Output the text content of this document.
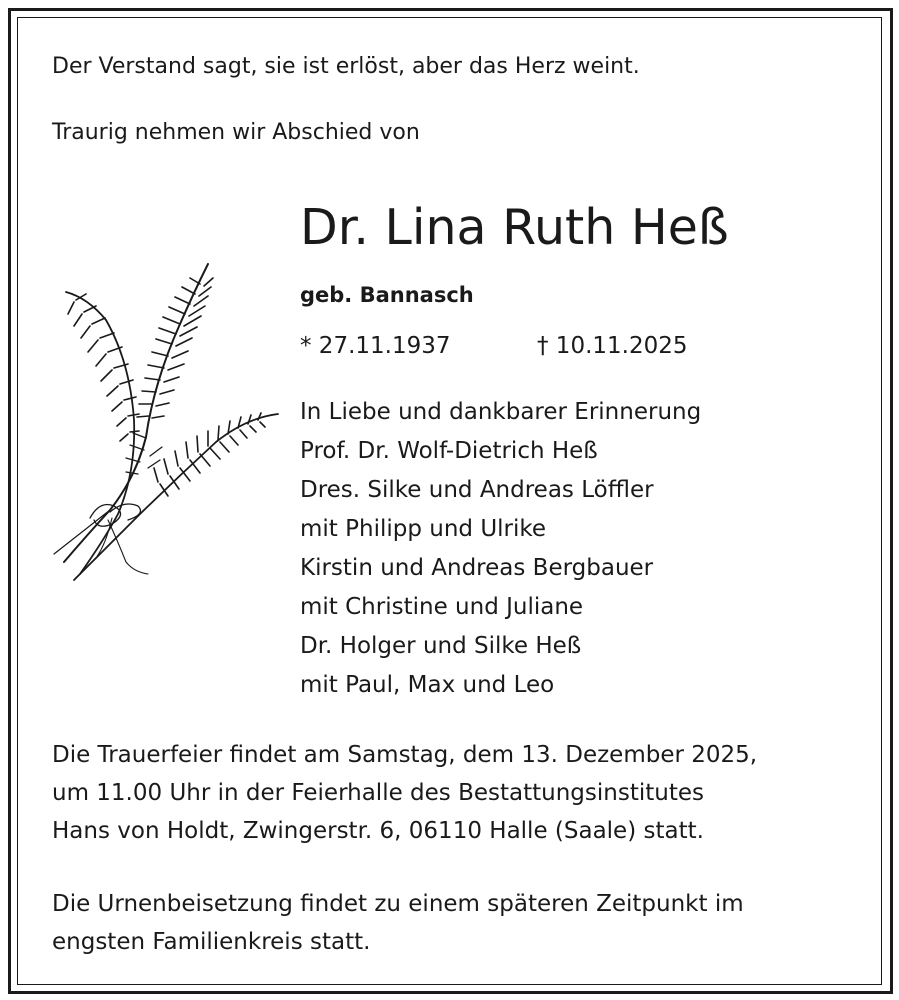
Der Verstand sagt, sie ist erlöst, aber das Herz weint.
Traurig nehmen wir Abschied von
Dr. Lina Ruth Heß
geb. Bannasch
* 27.11.1937	† 10.11.2025
In Liebe und dankbarer Erinnerung
Prof. Dr. Wolf-Dietrich Heß
Dres. Silke und Andreas Löffler
mit Philipp und Ulrike
Kirstin und Andreas Bergbauer
mit Christine und Juliane
Dr. Holger und Silke Heß
mit Paul, Max und Leo
Die Trauerfeier findet am Samstag, dem 13. Dezember 2025,
um 11.00 Uhr in der Feierhalle des Bestattungsinstitutes
Hans von Holdt, Zwingerstr. 6, 06110 Halle (Saale) statt.
Die Urnenbeisetzung findet zu einem späteren Zeitpunkt im
engsten Familienkreis statt.
